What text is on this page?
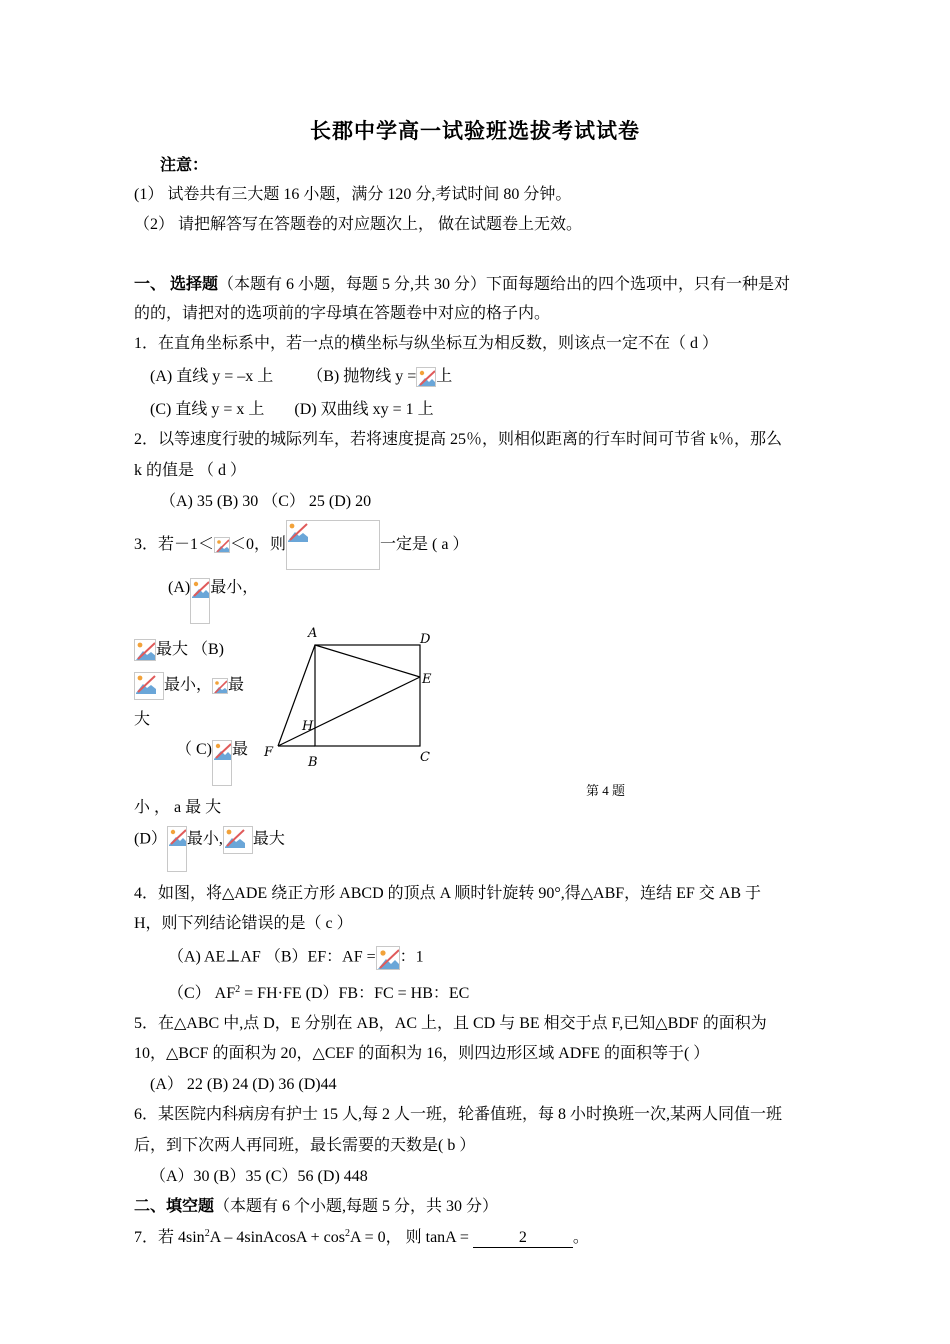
长郡中学高一试验班选拔考试试卷
注意：
(1） 试卷共有三大题 16 小题，满分 120 分,考试时间 80 分钟。
（2） 请把解答写在答题卷的对应题次上， 做在试题卷上无效。
一、 选择题（本题有 6 小题，每题 5 分,共 30 分）下面每题给出的四个选项中，只有一种是对
的的，请把对的选项前的字母填在答题卷中对应的格子内。
1．在直角坐标系中，若一点的横坐标与纵坐标互为相反数，则该点一定不在（ d ）
(A) 直线 y = –x 上 （B) 抛物线 y = 上
(C) 直线 y = x 上 (D) 双曲线 xy = 1 上
2．以等速度行驶的城际列车，若将速度提高 25％，则相似距离的行车时间可节省 k％，那么
k 的值是 （ d ）
（A) 35 (B) 30 （C） 25 (D) 20
3．若－1＜ ＜0，则	一定是 ( a ）
(A) 最小，
最大 （B)
最小， 最
大
（ C) 最
小 ， a 最 大
(D） 最小, 最大
A	D
E
H
F
B	C
第 4 题
4．如图，将△ADE 绕正方形 ABCD 的顶点 A 顺时针旋转 90°,得△ABF，连结 EF 交 AB 于
H，则下列结论错误的是（ c ）
（A) AE⊥AF （B）EF：AF = ：1
（C） $AF^2 = FH\cdot FE$ (D）FB：FC = HB：EC
5．在△ABC 中,点 D，E 分别在 AB，AC 上，且 CD 与 BE 相交于点 F,已知△BDF 的面积为
10，△BCF 的面积为 20，△CEF 的面积为 16，则四边形区域 ADFE 的面积等于( ）
(A） 22 (B) 24 (D) 36 (D)44
6．某医院内科病房有护士 15 人,每 2 人一班，轮番值班，每 8 小时换班一次,某两人同值一班
后，到下次两人再同班，最长需要的天数是( b ）
（A）30 (B）35 (C）56 (D) 448
二、填空题（本题有 6 个小题,每题 5 分，共 30 分）
7．若 $4\sin^2A$ – 4sinAcosA + $\cos^2A = 0$， 则 tanA =	2	。
